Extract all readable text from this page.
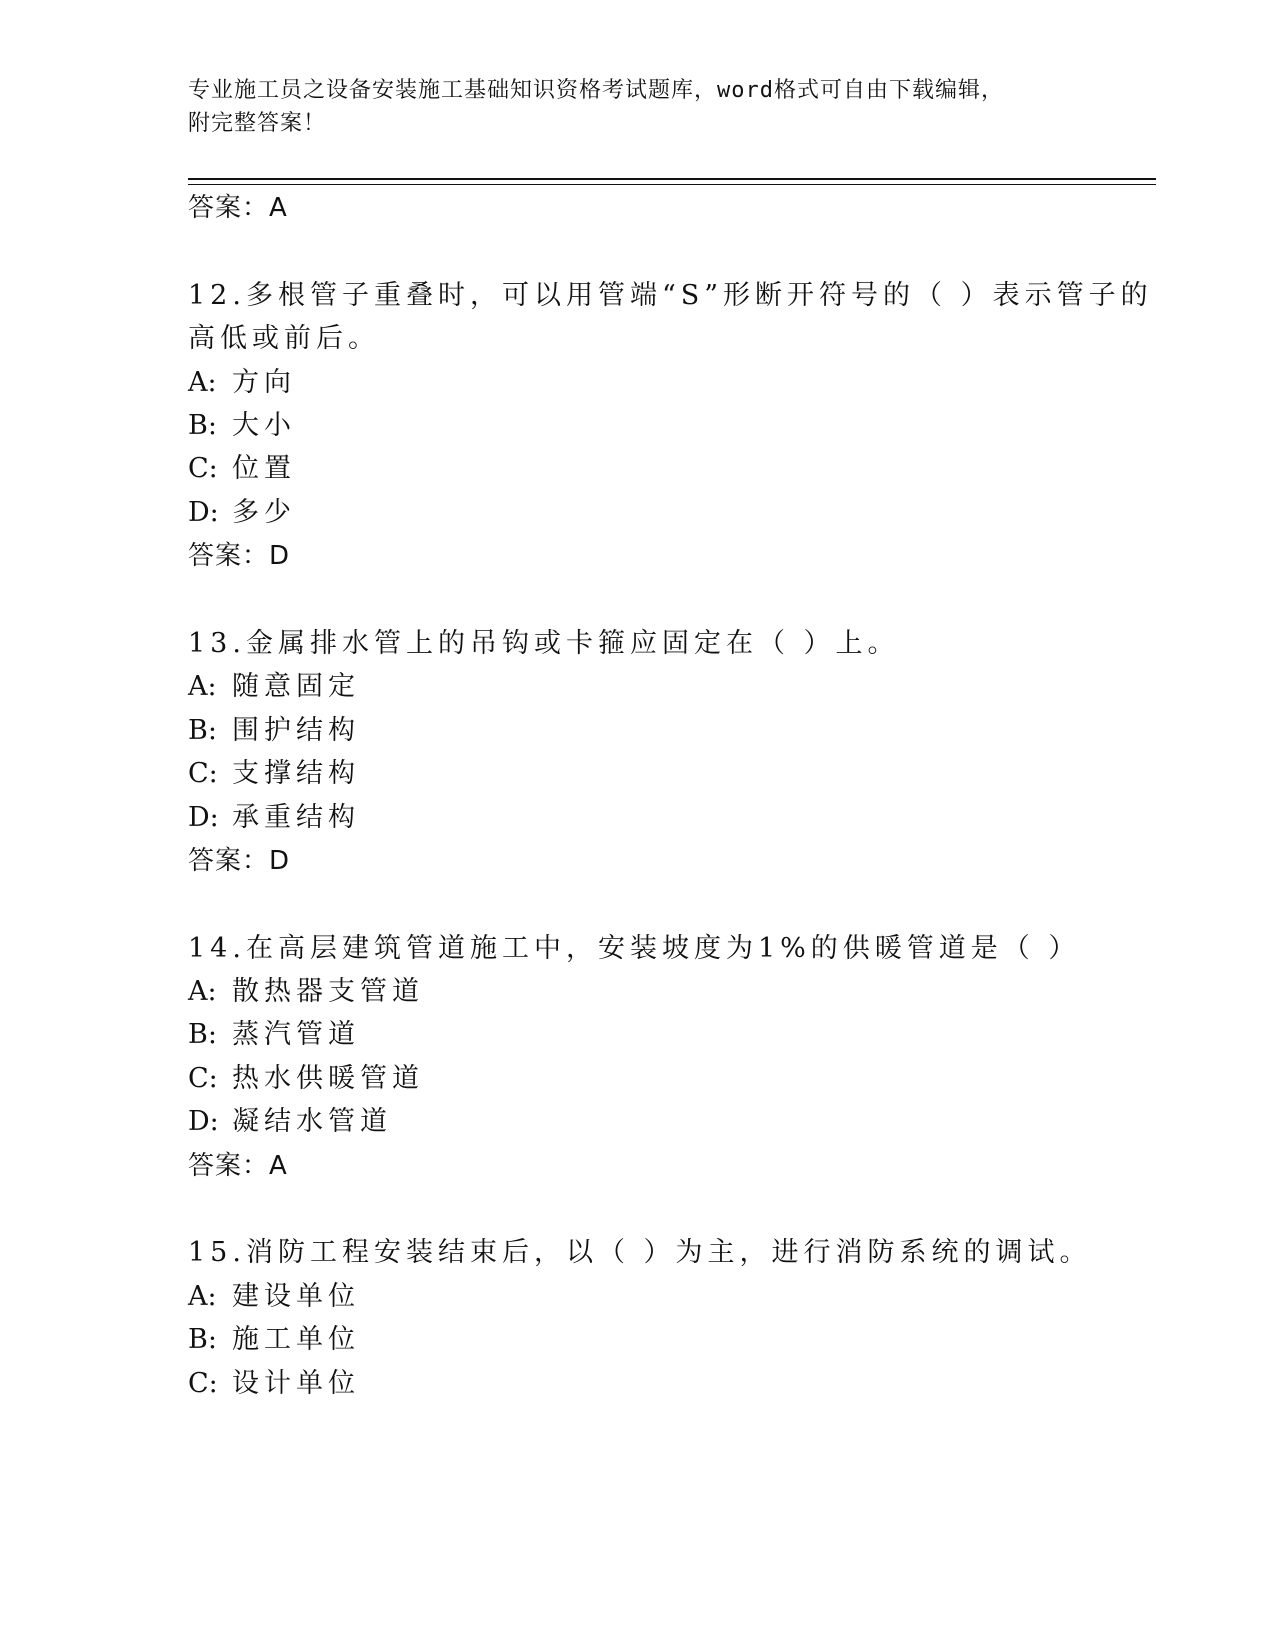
专业施工员之设备安装施工基础知识资格考试题库，word格式可自由下载编辑，
附完整答案！
答案：A
12.多根管子重叠时，可以用管端“S”形断开符号的（ ）表示管子的
高低或前后。
A: 方向
B: 大小
C: 位置
D: 多少
答案：D
13.金属排水管上的吊钩或卡箍应固定在（ ）上。
A: 随意固定
B: 围护结构
C: 支撑结构
D: 承重结构
答案：D
14.在高层建筑管道施工中，安装坡度为1%的供暖管道是（ ）
A: 散热器支管道
B: 蒸汽管道
C: 热水供暖管道
D: 凝结水管道
答案：A
15.消防工程安装结束后，以（ ）为主，进行消防系统的调试。
A: 建设单位
B: 施工单位
C: 设计单位
